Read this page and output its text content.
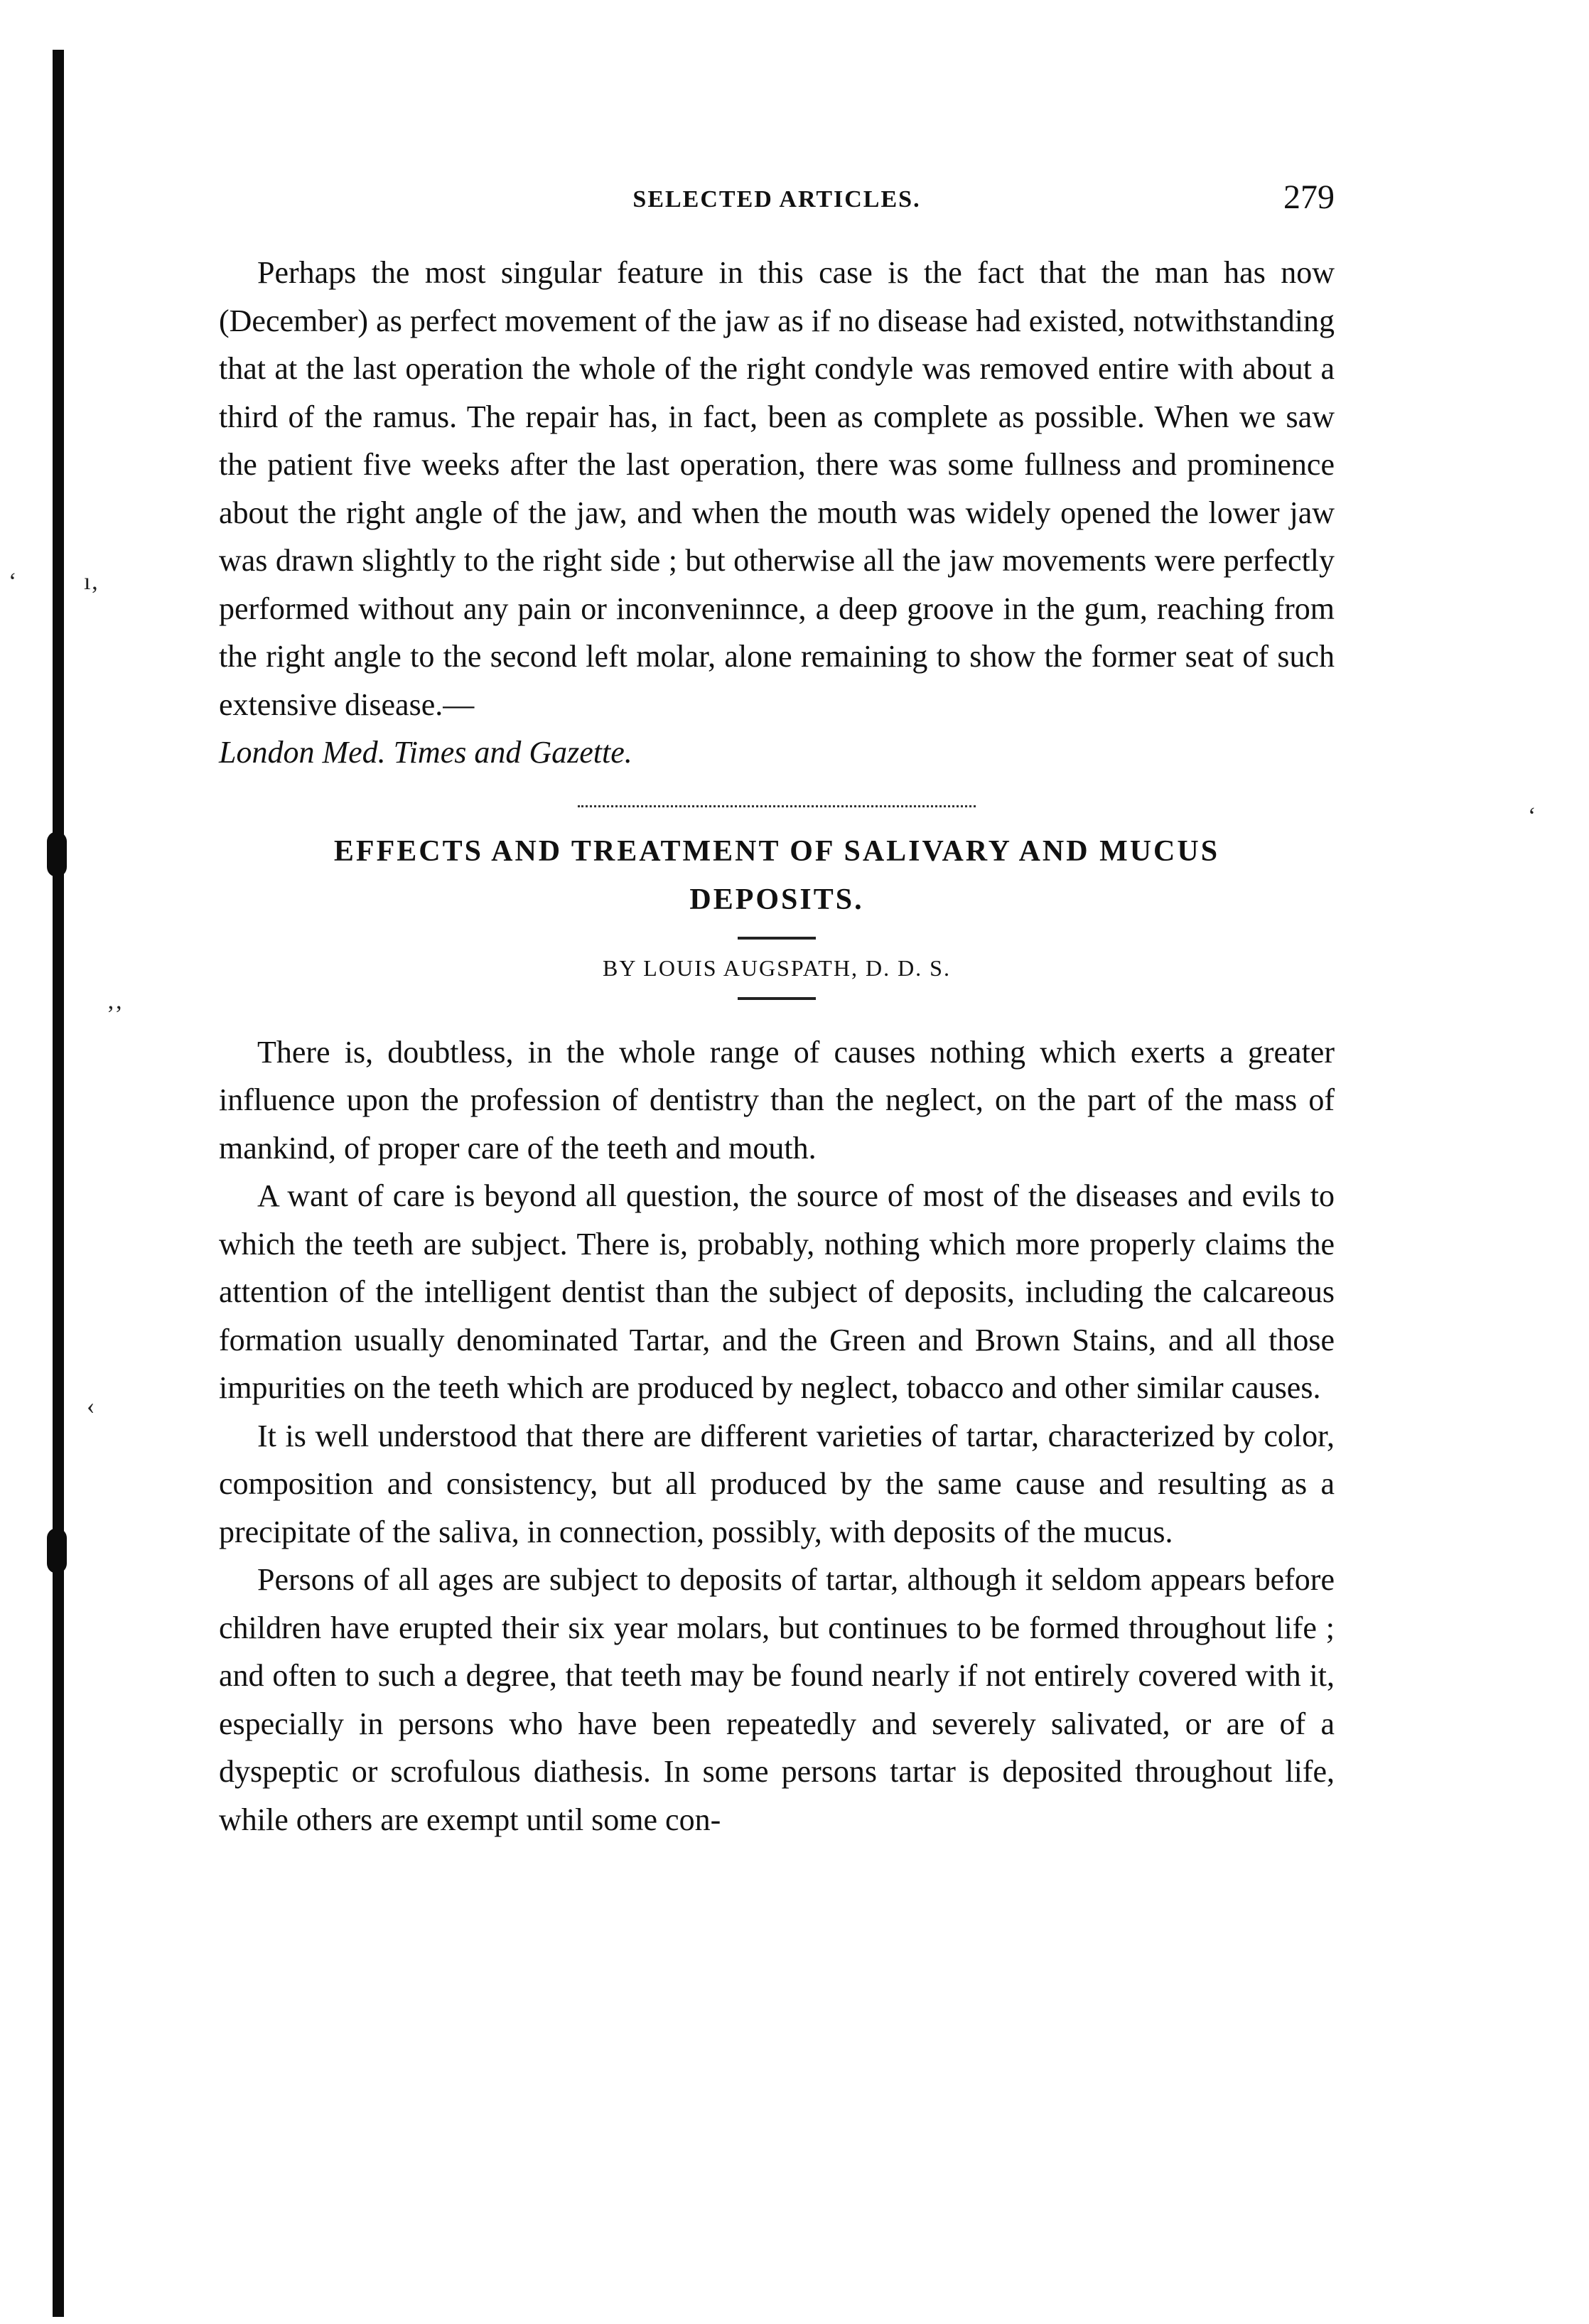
‘	ı‚
‚‚
‹
‘
SELECTED ARTICLES.	279

Perhaps the most singular feature in this case is the fact that the man has now (December) as perfect movement of the jaw as if no disease had existed, notwithstanding that at the last operation the whole of the right condyle was removed entire with about a third of the ramus. The repair has, in fact, been as complete as possible. When we saw the patient five weeks after the last operation, there was some fullness and prominence about the right angle of the jaw, and when the mouth was widely opened the lower jaw was drawn slightly to the right side ; but otherwise all the jaw movements were perfectly performed without any pain or inconveninnce, a deep groove in the gum, reaching from the right angle to the second left molar, alone remaining to show the former seat of such extensive disease.—

London Med. Times and Gazette.

EFFECTS AND TREATMENT OF SALIVARY AND MUCUS
DEPOSITS.
BY LOUIS AUGSPATH, D. D. S.

There is, doubtless, in the whole range of causes nothing which exerts a greater influence upon the profession of dentistry than the neglect, on the part of the mass of mankind, of proper care of the teeth and mouth.

A want of care is beyond all question, the source of most of the diseases and evils to which the teeth are subject. There is, probably, nothing which more properly claims the attention of the intelligent dentist than the subject of deposits, including the calcareous formation usually denominated Tartar, and the Green and Brown Stains, and all those impurities on the teeth which are produced by neglect, tobacco and other similar causes.

It is well understood that there are different varieties of tartar, characterized by color, composition and consistency, but all produced by the same cause and resulting as a precipitate of the saliva, in connection, possibly, with deposits of the mucus.

Persons of all ages are subject to deposits of tartar, although it seldom appears before children have erupted their six year molars, but continues to be formed throughout life ; and often to such a degree, that teeth may be found nearly if not entirely covered with it, especially in persons who have been repeatedly and severely salivated, or are of a dyspeptic or scrofulous diathesis. In some persons tartar is deposited throughout life, while others are exempt until some con-
